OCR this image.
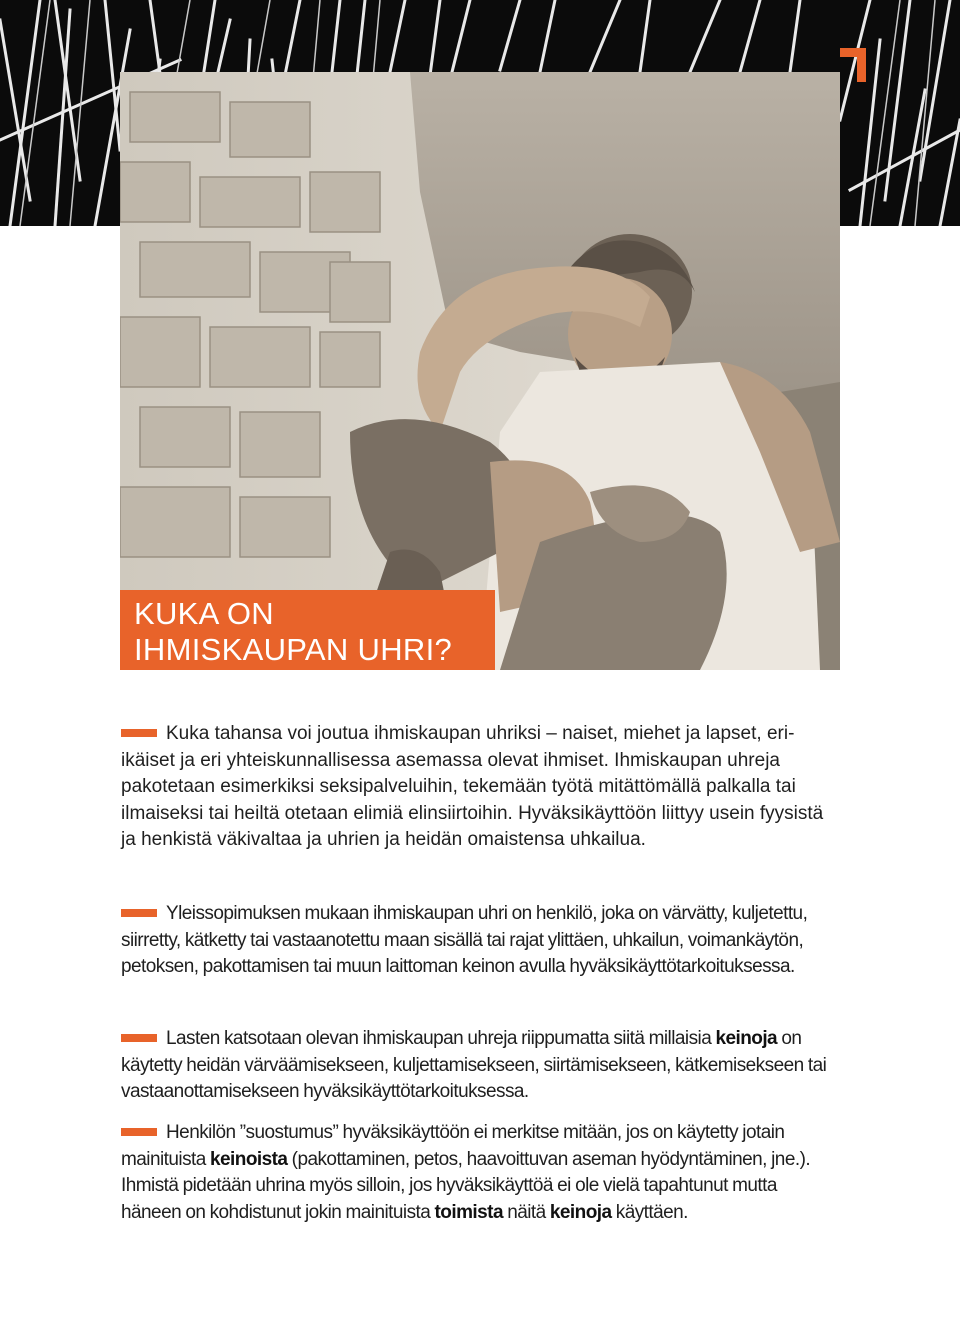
KUKA ON
IHMISKAUPAN UHRI?
Kuka tahansa voi joutua ihmiskaupan uhriksi – naiset, miehet ja lapset, eri-ikäiset ja eri yhteiskunnallisessa asemassa olevat ihmiset. Ihmiskaupan uhreja pakotetaan esimerkiksi seksipalveluihin, tekemään työtä mitättömällä palkalla tai ilmaiseksi tai heiltä otetaan elimiä elinsiirtoihin. Hyväksikäyttöön liittyy usein fyysistä ja henkistä väkivaltaa ja uhrien ja heidän omaistensa uhkailua.
Yleissopimuksen mukaan ihmiskaupan uhri on henkilö, joka on värvätty, kuljetettu, siirretty, kätketty tai vastaanotettu maan sisällä tai rajat ylittäen, uhkailun, voimankäytön, petoksen, pakottamisen tai muun laittoman keinon avulla hyväksikäyttötarkoituksessa.
Lasten katsotaan olevan ihmiskaupan uhreja riippumatta siitä millaisia keinoja on käytetty heidän värväämisekseen, kuljettamisekseen, siirtämisekseen, kätkemisekseen tai vastaanottamisekseen hyväksikäyttötarkoituksessa.
Henkilön ”suostumus” hyväksikäyttöön ei merkitse mitään, jos on käytetty jotain mainituista keinoista (pakottaminen, petos, haavoittuvan aseman hyödyntäminen, jne.). Ihmistä pidetään uhrina myös silloin, jos hyväksikäyttöä ei ole vielä tapahtunut mutta häneen on kohdistunut jokin mainituista toimista näitä keinoja käyttäen.
